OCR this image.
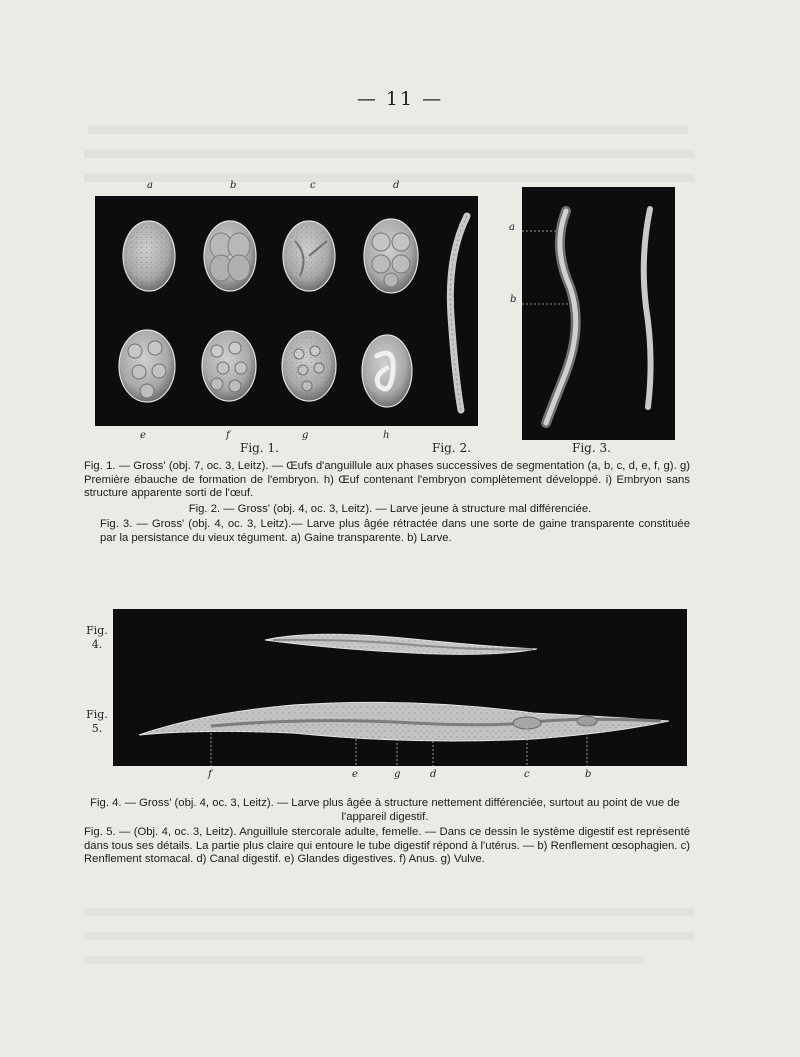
— 11 —
a	b	c	d
e	f	g	h
Fig. 1.	Fig. 2.
a
b
Fig. 3.
Fig. 1. — Gross' (obj. 7, oc. 3, Leitz). — Œufs d'anguillule aux phases successives de segmentation (a, b, c, d, e, f, g). g) Première ébauche de formation de l'embryon. h) Œuf contenant l'embryon complètement développé. i) Embryon sans structure apparente sorti de l'œuf.
Fig. 2. — Gross' (obj. 4, oc. 3, Leitz). — Larve jeune à structure mal différenciée.
Fig. 3. — Gross' (obj. 4, oc. 3, Leitz).— Larve plus âgée rétractée dans une sorte de gaine transparente constituée par la persistance du vieux tégument. a) Gaine transparente. b) Larve.
Fig.
4.
Fig.
5.
f	e	g	d	c	b
Fig. 4. — Gross' (obj. 4, oc. 3, Leitz). — Larve plus âgée à structure nettement différenciée, surtout au point de vue de l'appareil digestif.
Fig. 5. — (Obj. 4, oc. 3, Leitz). Anguillule stercorale adulte, femelle. — Dans ce dessin le système digestif est représenté dans tous ses détails. La partie plus claire qui entoure le tube digestif répond à l'utérus. — b) Renflement œsophagien. c) Renflement stomacal. d) Canal digestif. e) Glandes digestives. f) Anus. g) Vulve.
